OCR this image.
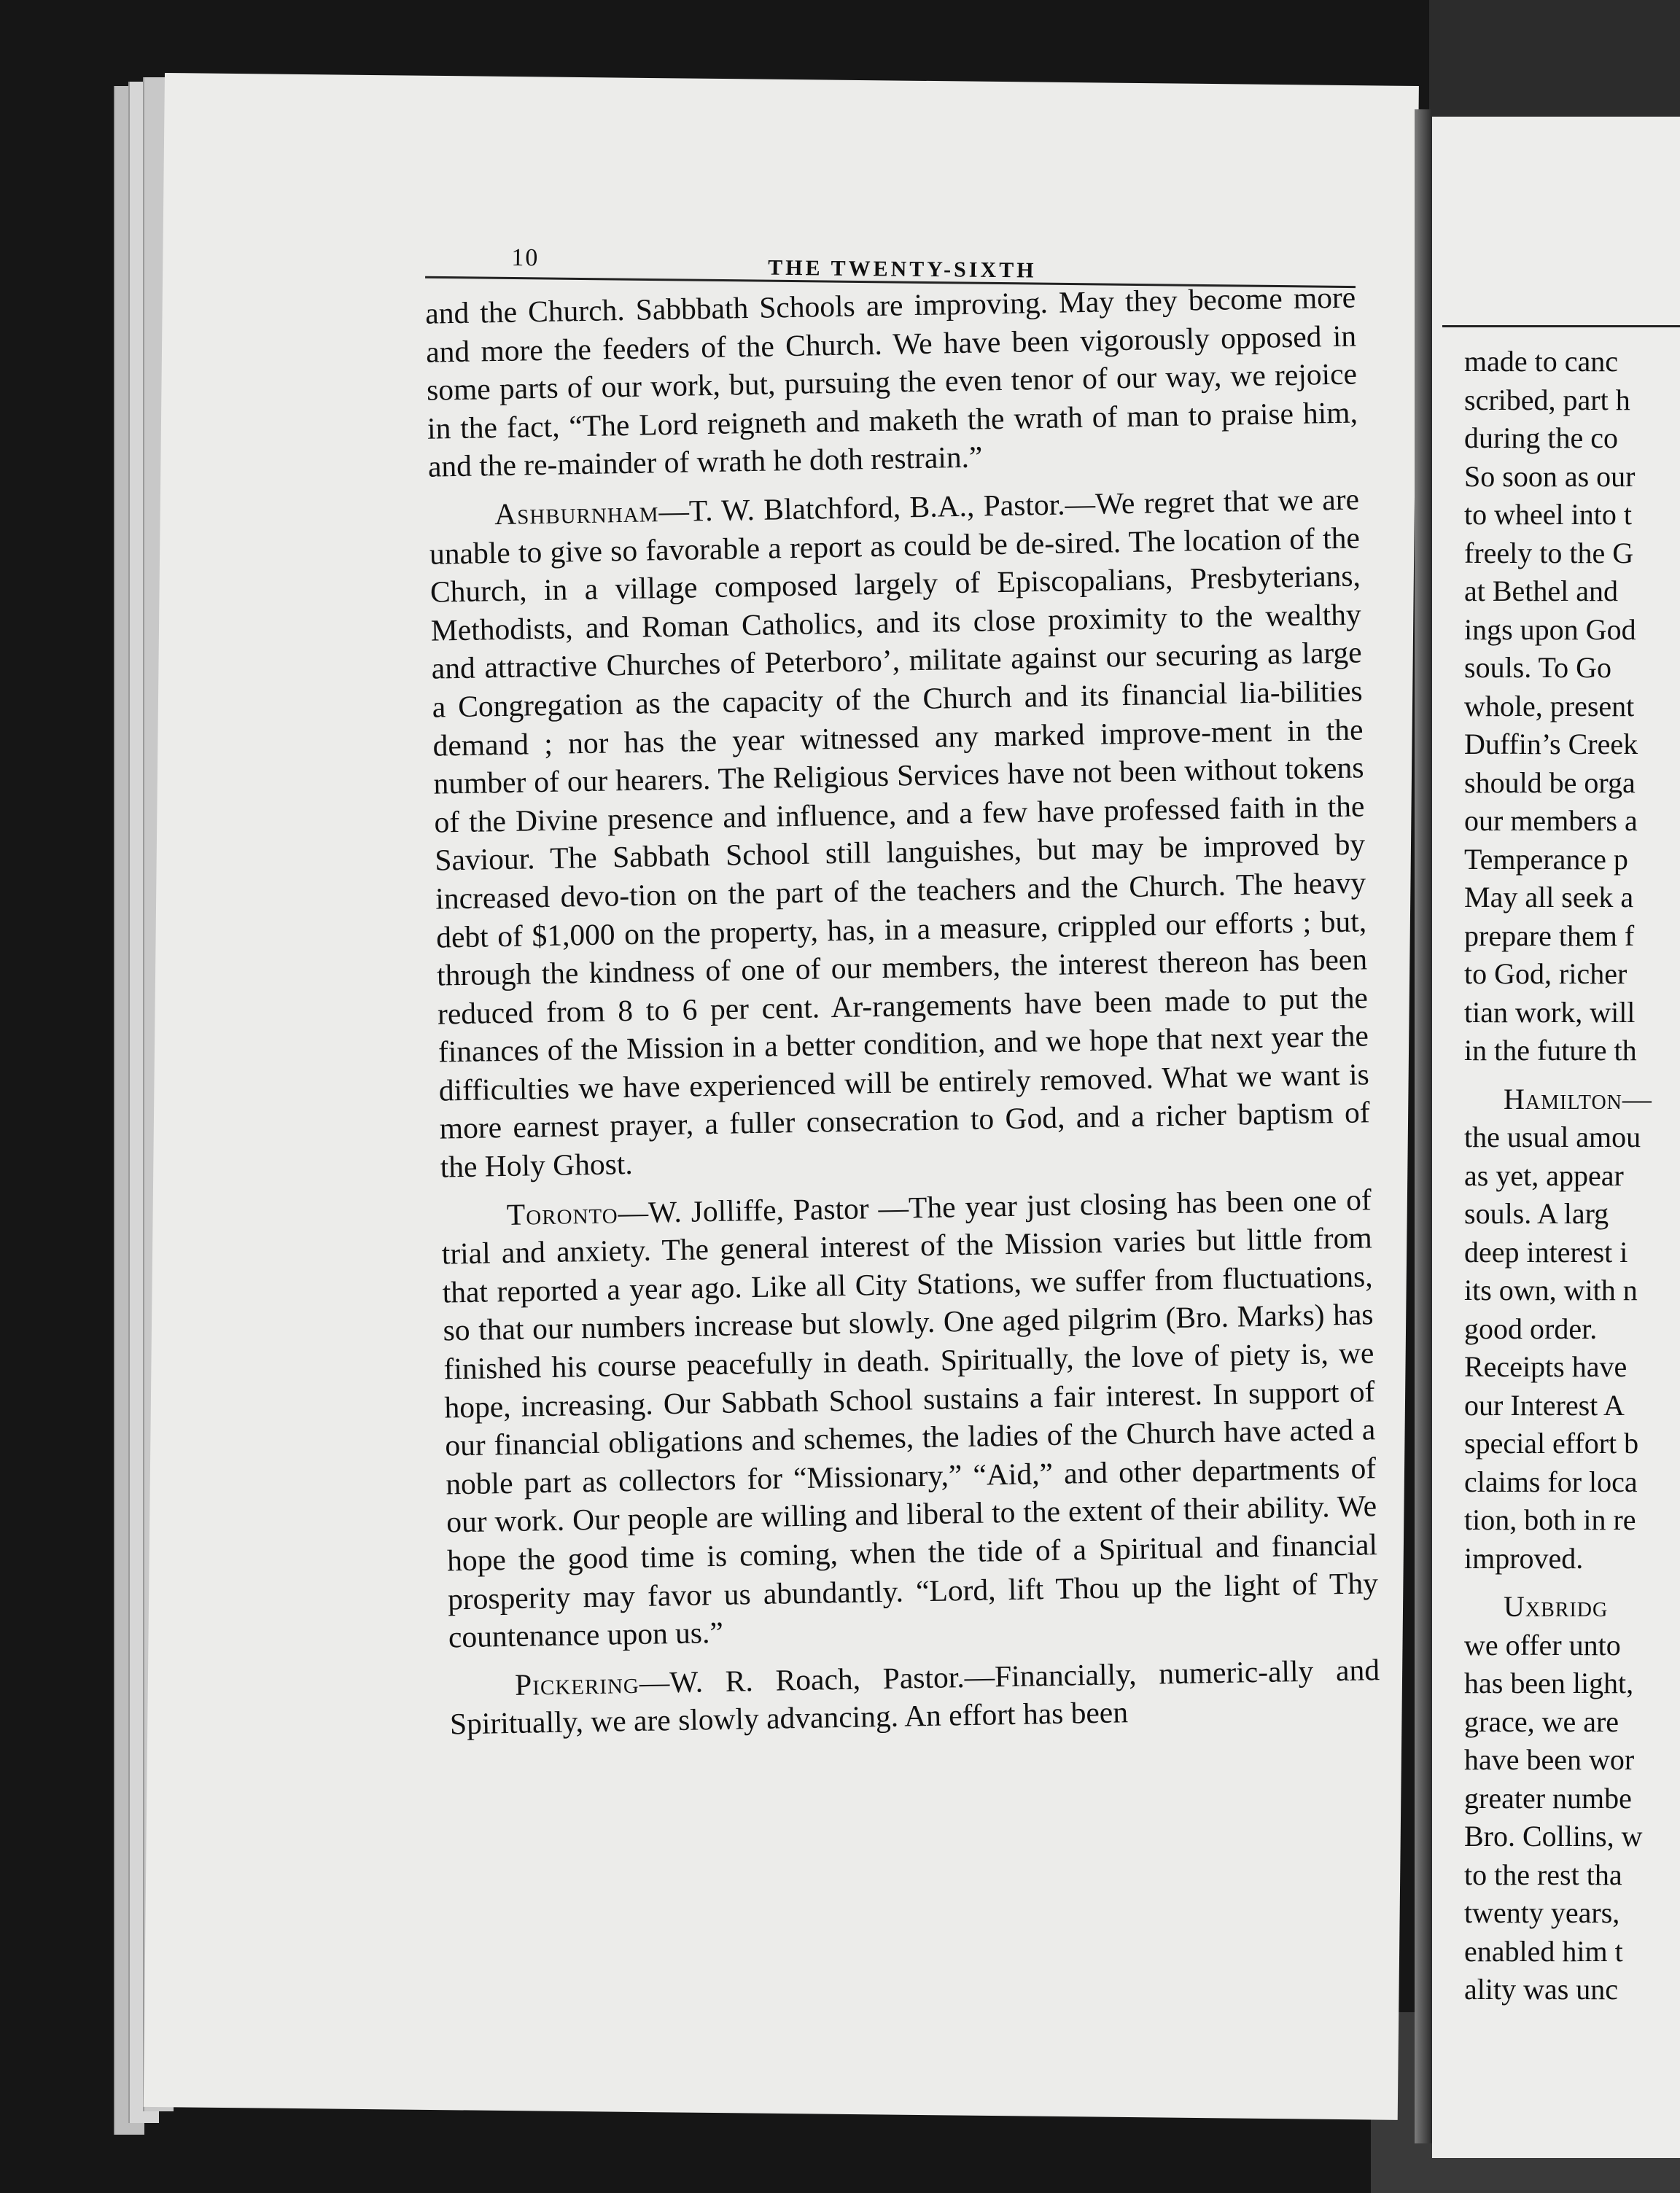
10	THE TWENTY-SIXTH

and the Church. Sabbbath Schools are improving. May they become more and more the feeders of the Church. We have been vigorously opposed in some parts of our work, but, pursuing the even tenor of our way, we rejoice in the fact, “The Lord reigneth and maketh the wrath of man to praise him, and the re-mainder of wrath he doth restrain.”

Ashburnham—T. W. Blatchford, B.A., Pastor.—We regret that we are unable to give so favorable a report as could be de-sired. The location of the Church, in a village composed largely of Episcopalians, Presbyterians, Methodists, and Roman Catholics, and its close proximity to the wealthy and attractive Churches of Peterboro’, militate against our securing as large a Congregation as the capacity of the Church and its financial lia-bilities demand ; nor has the year witnessed any marked improve-ment in the number of our hearers. The Religious Services have not been without tokens of the Divine presence and influence, and a few have professed faith in the Saviour. The Sabbath School still languishes, but may be improved by increased devo-tion on the part of the teachers and the Church. The heavy debt of $1,000 on the property, has, in a measure, crippled our efforts ; but, through the kindness of one of our members, the interest thereon has been reduced from 8 to 6 per cent. Ar-rangements have been made to put the finances of the Mission in a better condition, and we hope that next year the difficulties we have experienced will be entirely removed. What we want is more earnest prayer, a fuller consecration to God, and a richer baptism of the Holy Ghost.

Toronto—W. Jolliffe, Pastor —The year just closing has been one of trial and anxiety. The general interest of the Mission varies but little from that reported a year ago. Like all City Stations, we suffer from fluctuations, so that our numbers increase but slowly. One aged pilgrim (Bro. Marks) has finished his course peacefully in death. Spiritually, the love of piety is, we hope, increasing. Our Sabbath School sustains a fair interest. In support of our financial obligations and schemes, the ladies of the Church have acted a noble part as collectors for “Missionary,” “Aid,” and other departments of our work. Our people are willing and liberal to the extent of their ability. We hope the good time is coming, when the tide of a Spiritual and financial prosperity may favor us abundantly. “Lord, lift Thou up the light of Thy countenance upon us.”

Pickering—W. R. Roach, Pastor.—Financially, numeric-ally and Spiritually, we are slowly advancing. An effort has been

made to canc
scribed, part h
during the co
So soon as our
to wheel into t
freely to the G
at Bethel and
ings upon God
souls. To Go
whole, present
Duffin’s Creek
should be orga
our members a
Temperance p
May all seek a
prepare them f
to God, richer
tian work, will
in the future th
Hamilton—
the usual amou
as yet, appear
souls. A larg
deep interest i
its own, with n
good order.
Receipts have
our Interest A
special effort b
claims for loca
tion, both in re
improved.
Uxbridg
we offer unto
has been light,
grace, we are
have been wor
greater numbe
Bro. Collins, w
to the rest tha
twenty years,
enabled him t
ality was unc
